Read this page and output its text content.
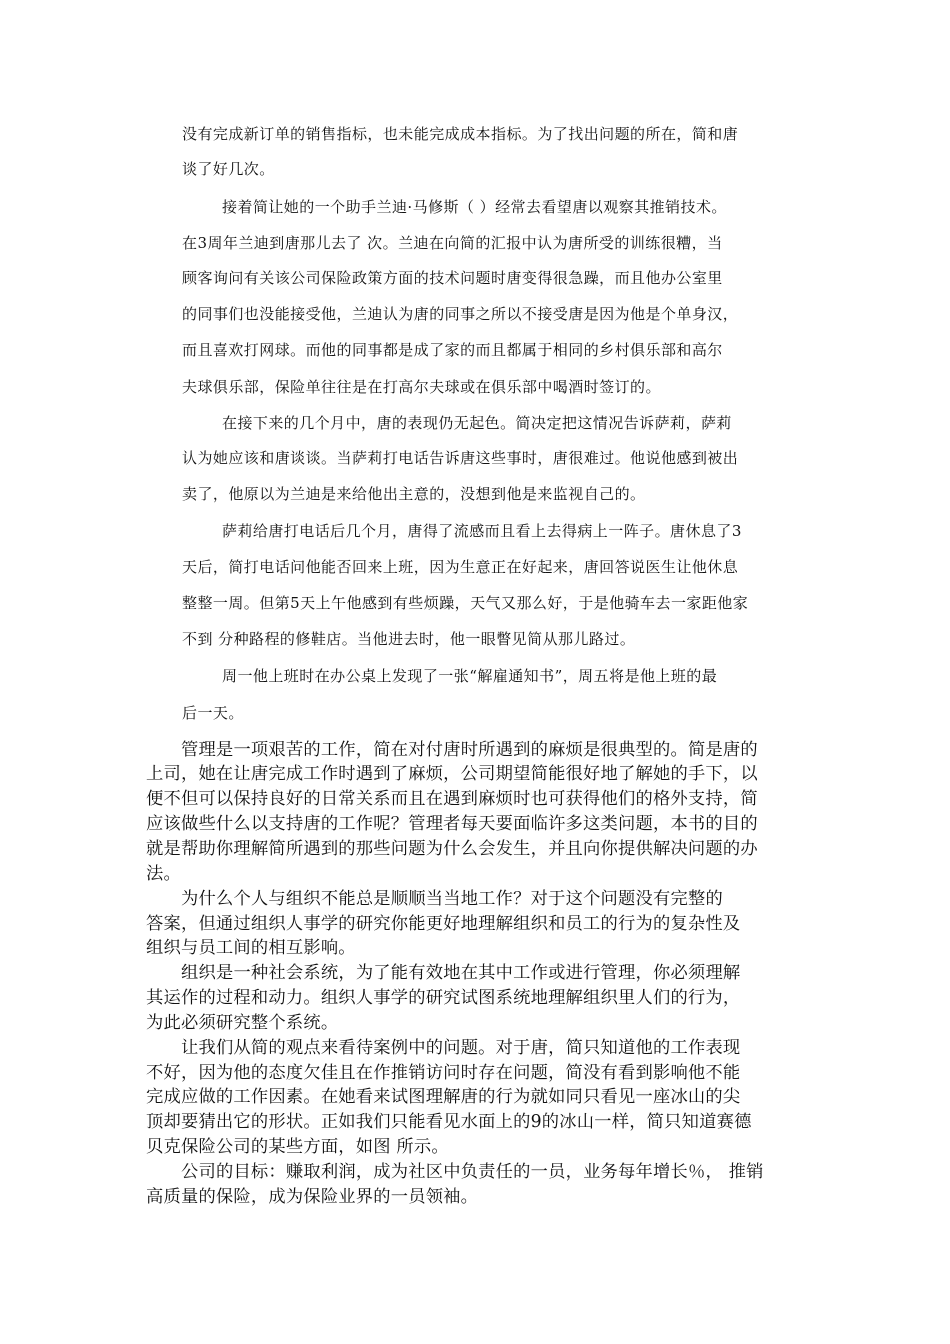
没有完成新订单的销售指标，也未能完成成本指标。为了找出问题的所在，简和唐

谈了好几次。

接着简让她的一个助手兰迪·马修斯（ ）经常去看望唐以观察其推销技术。

在3周年兰迪到唐那儿去了 次。兰迪在向简的汇报中认为唐所受的训练很糟，当

顾客询问有关该公司保险政策方面的技术问题时唐变得很急躁，而且他办公室里

的同事们也没能接受他，兰迪认为唐的同事之所以不接受唐是因为他是个单身汉，

而且喜欢打网球。而他的同事都是成了家的而且都属于相同的乡村俱乐部和高尔

夫球俱乐部，保险单往往是在打高尔夫球或在俱乐部中喝酒时签订的。

在接下来的几个月中，唐的表现仍无起色。简决定把这情况告诉萨莉，萨莉

认为她应该和唐谈谈。当萨莉打电话告诉唐这些事时，唐很难过。他说他感到被出

卖了，他原以为兰迪是来给他出主意的，没想到他是来监视自己的。

萨莉给唐打电话后几个月，唐得了流感而且看上去得病上一阵子。唐休息了3

天后，简打电话问他能否回来上班，因为生意正在好起来，唐回答说医生让他休息

整整一周。但第5天上午他感到有些烦躁，天气又那么好，于是他骑车去一家距他家

不到 分种路程的修鞋店。当他进去时，他一眼瞥见简从那儿路过。

周一他上班时在办公桌上发现了一张“解雇通知书”，周五将是他上班的最

后一天。

管理是一项艰苦的工作，简在对付唐时所遇到的麻烦是很典型的。简是唐的

上司，她在让唐完成工作时遇到了麻烦，公司期望简能很好地了解她的手下，以

便不但可以保持良好的日常关系而且在遇到麻烦时也可获得他们的格外支持，简

应该做些什么以支持唐的工作呢？管理者每天要面临许多这类问题，本书的目的

就是帮助你理解简所遇到的那些问题为什么会发生，并且向你提供解决问题的办

法。

为什么个人与组织不能总是顺顺当当地工作？对于这个问题没有完整的

答案，但通过组织人事学的研究你能更好地理解组织和员工的行为的复杂性及

组织与员工间的相互影响。

组织是一种社会系统，为了能有效地在其中工作或进行管理，你必须理解

其运作的过程和动力。组织人事学的研究试图系统地理解组织里人们的行为，

为此必须研究整个系统。

让我们从简的观点来看待案例中的问题。对于唐，简只知道他的工作表现

不好，因为他的态度欠佳且在作推销访问时存在问题，简没有看到影响他不能

完成应做的工作因素。在她看来试图理解唐的行为就如同只看见一座冰山的尖

顶却要猜出它的形状。正如我们只能看见水面上的9的冰山一样，简只知道赛德

贝克保险公司的某些方面，如图 所示。

公司的目标：赚取利润，成为社区中负责任的一员，业务每年增长％， 推销

高质量的保险，成为保险业界的一员领袖。
